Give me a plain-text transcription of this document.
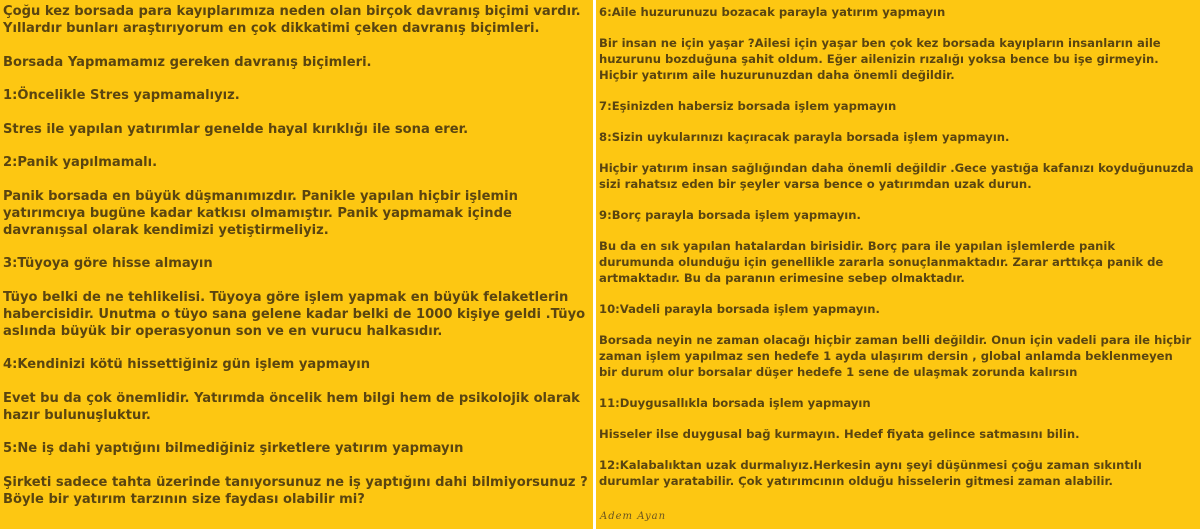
Çoğu kez borsada para kayıplarımıza neden olan birçok davranış biçimi vardır. Yıllardır bunları araştırıyorum en çok dikkatimi çeken davranış biçimleri.

Borsada Yapmamamız gereken davranış biçimleri.

1:Öncelikle Stres yapmamalıyız.

Stres ile yapılan yatırımlar genelde hayal kırıklığı ile sona erer.

2:Panik yapılmamalı.

Panik borsada en büyük düşmanımızdır. Panikle yapılan hiçbir işlemin yatırımcıya bugüne kadar katkısı olmamıştır. Panik yapmamak içinde davranışsal olarak kendimizi yetiştirmeliyiz.

3:Tüyoya göre hisse almayın

Tüyo belki de ne tehlikelisi. Tüyoya göre işlem yapmak en büyük felaketlerin habercisidir. Unutma o tüyo sana gelene kadar belki de 1000 kişiye geldi .Tüyo aslında büyük bir operasyonun son ve en vurucu halkasıdır.

4:Kendinizi kötü hissettiğiniz gün işlem yapmayın

Evet bu da çok önemlidir. Yatırımda öncelik hem bilgi hem de psikolojik olarak hazır bulunuşluktur.

5:Ne iş dahi yaptığını bilmediğiniz şirketlere yatırım yapmayın

Şirketi sadece tahta üzerinde tanıyorsunuz ne iş yaptığını dahi bilmiyorsunuz ? Böyle bir yatırım tarzının size faydası olabilir mi?

6:Aile huzurunuzu bozacak parayla yatırım yapmayın

Bir insan ne için yaşar ?Ailesi için yaşar ben çok kez borsada kayıpların insanların aile huzurunu bozduğuna şahit oldum. Eğer ailenizin rızalığı yoksa bence bu işe girmeyin. Hiçbir yatırım aile huzurunuzdan daha önemli değildir.

7:Eşinizden habersiz borsada işlem yapmayın

8:Sizin uykularınızı kaçıracak parayla borsada işlem yapmayın.

Hiçbir yatırım insan sağlığından daha önemli değildir .Gece yastığa kafanızı koyduğunuzda sizi rahatsız eden bir şeyler varsa bence o yatırımdan uzak durun.

9:Borç parayla borsada işlem yapmayın.

Bu da en sık yapılan hatalardan birisidir. Borç para ile yapılan işlemlerde panik durumunda olunduğu için genellikle zararla sonuçlanmaktadır. Zarar arttıkça panik de artmaktadır. Bu da paranın erimesine sebep olmaktadır.

10:Vadeli parayla borsada işlem yapmayın.

Borsada neyin ne zaman olacağı hiçbir zaman belli değildir. Onun için vadeli para ile hiçbir zaman işlem yapılmaz sen hedefe 1 ayda ulaşırım dersin , global anlamda beklenmeyen bir durum olur borsalar düşer hedefe 1 sene de ulaşmak zorunda kalırsın

11:Duygusallıkla borsada işlem yapmayın

Hisseler ilse duygusal bağ kurmayın. Hedef fiyata gelince satmasını bilin.

12:Kalabalıktan uzak durmalıyız.Herkesin aynı şeyi düşünmesi çoğu zaman sıkıntılı durumlar yaratabilir. Çok yatırımcının olduğu hisselerin gitmesi zaman alabilir.

Adem Ayan
